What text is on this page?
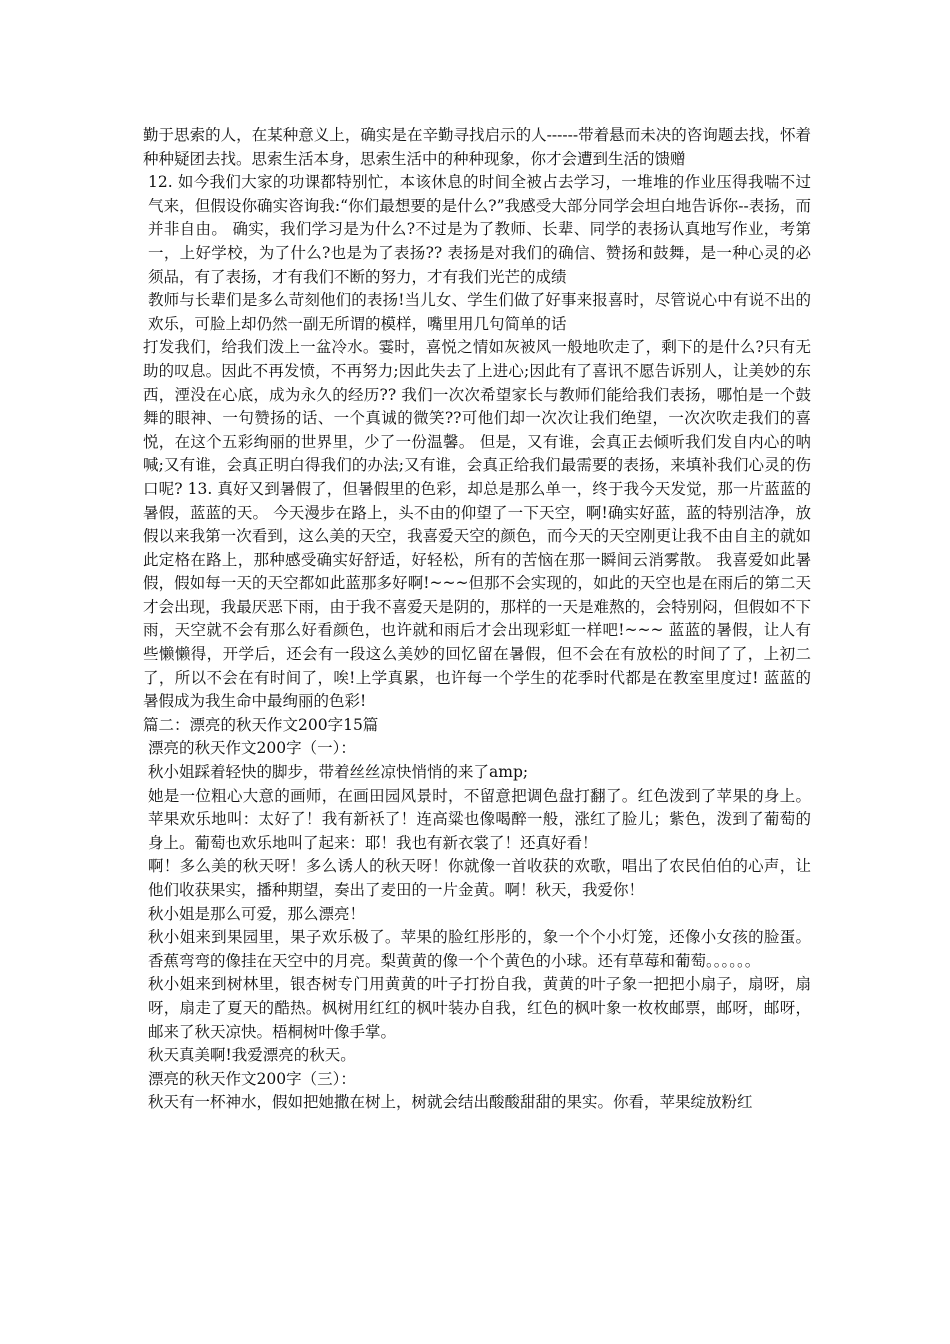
勤于思索的人，在某种意义上，确实是在辛勤寻找启示的人------带着悬而未决的咨询题去找，怀着种种疑团去找。思索生活本身，思索生活中的种种现象，你才会遭到生活的馈赠

12. 如今我们大家的功课都特别忙，本该休息的时间全被占去学习，一堆堆的作业压得我喘不过气来，但假设你确实咨询我:“你们最想要的是什么?”我感受大部分同学会坦白地告诉你--表扬，而并非自由。 确实，我们学习是为什么?不过是为了教师、长辈、同学的表扬认真地写作业，考第一，上好学校，为了什么?也是为了表扬?? 表扬是对我们的确信、赞扬和鼓舞，是一种心灵的必须品，有了表扬，才有我们不断的努力，才有我们光芒的成绩

教师与长辈们是多么苛刻他们的表扬!当儿女、学生们做了好事来报喜时，尽管说心中有说不出的欢乐，可脸上却仍然一副无所谓的模样，嘴里用几句简单的话

打发我们，给我们泼上一盆冷水。霎时，喜悦之情如灰被风一般地吹走了，剩下的是什么?只有无助的叹息。因此不再发愤，不再努力;因此失去了上进心;因此有了喜讯不愿告诉别人，让美妙的东西，湮没在心底，成为永久的经历?? 我们一次次希望家长与教师们能给我们表扬，哪怕是一个鼓舞的眼神、一句赞扬的话、一个真诚的微笑??可他们却一次次让我们绝望，一次次吹走我们的喜悦，在这个五彩绚丽的世界里，少了一份温馨。 但是，又有谁，会真正去倾听我们发自内心的呐喊;又有谁，会真正明白得我们的办法;又有谁，会真正给我们最需要的表扬，来填补我们心灵的伤口呢? 13. 真好又到暑假了，但暑假里的色彩，却总是那么单一，终于我今天发觉，那一片蓝蓝的暑假，蓝蓝的天。 今天漫步在路上，头不由的仰望了一下天空，啊!确实好蓝，蓝的特别洁净，放假以来我第一次看到，这么美的天空，我喜爱天空的颜色，而今天的天空刚更让我不由自主的就如此定格在路上，那种感受确实好舒适，好轻松，所有的苦恼在那一瞬间云消雾散。 我喜爱如此暑假，假如每一天的天空都如此蓝那多好啊!~~~但那不会实现的，如此的天空也是在雨后的第二天才会出现，我最厌恶下雨，由于我不喜爱天是阴的，那样的一天是难熬的，会特别闷，但假如不下雨，天空就不会有那么好看颜色，也许就和雨后才会出现彩虹一样吧!~~~ 蓝蓝的暑假，让人有些懒懒得，开学后，还会有一段这么美妙的回忆留在暑假，但不会在有放松的时间了了，上初二了，所以不会在有时间了，唉!上学真累，也许每一个学生的花季时代都是在教室里度过! 蓝蓝的暑假成为我生命中最绚丽的色彩!

篇二：漂亮的秋天作文200字15篇

漂亮的秋天作文200字（一）：

秋小姐踩着轻快的脚步，带着丝丝凉快悄悄的来了amp;

她是一位粗心大意的画师，在画田园风景时，不留意把调色盘打翻了。红色泼到了苹果的身上。苹果欢乐地叫：太好了！我有新袄了！连高粱也像喝醉一般，涨红了脸儿；紫色，泼到了葡萄的身上。葡萄也欢乐地叫了起来：耶！我也有新衣裳了！还真好看！

啊！多么美的秋天呀！多么诱人的秋天呀！你就像一首收获的欢歌，唱出了农民伯伯的心声，让他们收获果实，播种期望，奏出了麦田的一片金黄。啊！秋天，我爱你！

秋小姐是那么可爱，那么漂亮！

秋小姐来到果园里，果子欢乐极了。苹果的脸红彤彤的，象一个个小灯笼，还像小女孩的脸蛋。香蕉弯弯的像挂在天空中的月亮。梨黄黄的像一个个黄色的小球。还有草莓和葡萄。。。。。。

秋小姐来到树林里，银杏树专门用黄黄的叶子打扮自我，黄黄的叶子象一把把小扇子，扇呀，扇呀，扇走了夏天的酷热。枫树用红红的枫叶装办自我，红色的枫叶象一枚枚邮票，邮呀，邮呀，邮来了秋天凉快。梧桐树叶像手掌。

秋天真美啊!我爱漂亮的秋天。

漂亮的秋天作文200字（三）：

秋天有一杯神水，假如把她撒在树上，树就会结出酸酸甜甜的果实。你看，苹果绽放粉红
